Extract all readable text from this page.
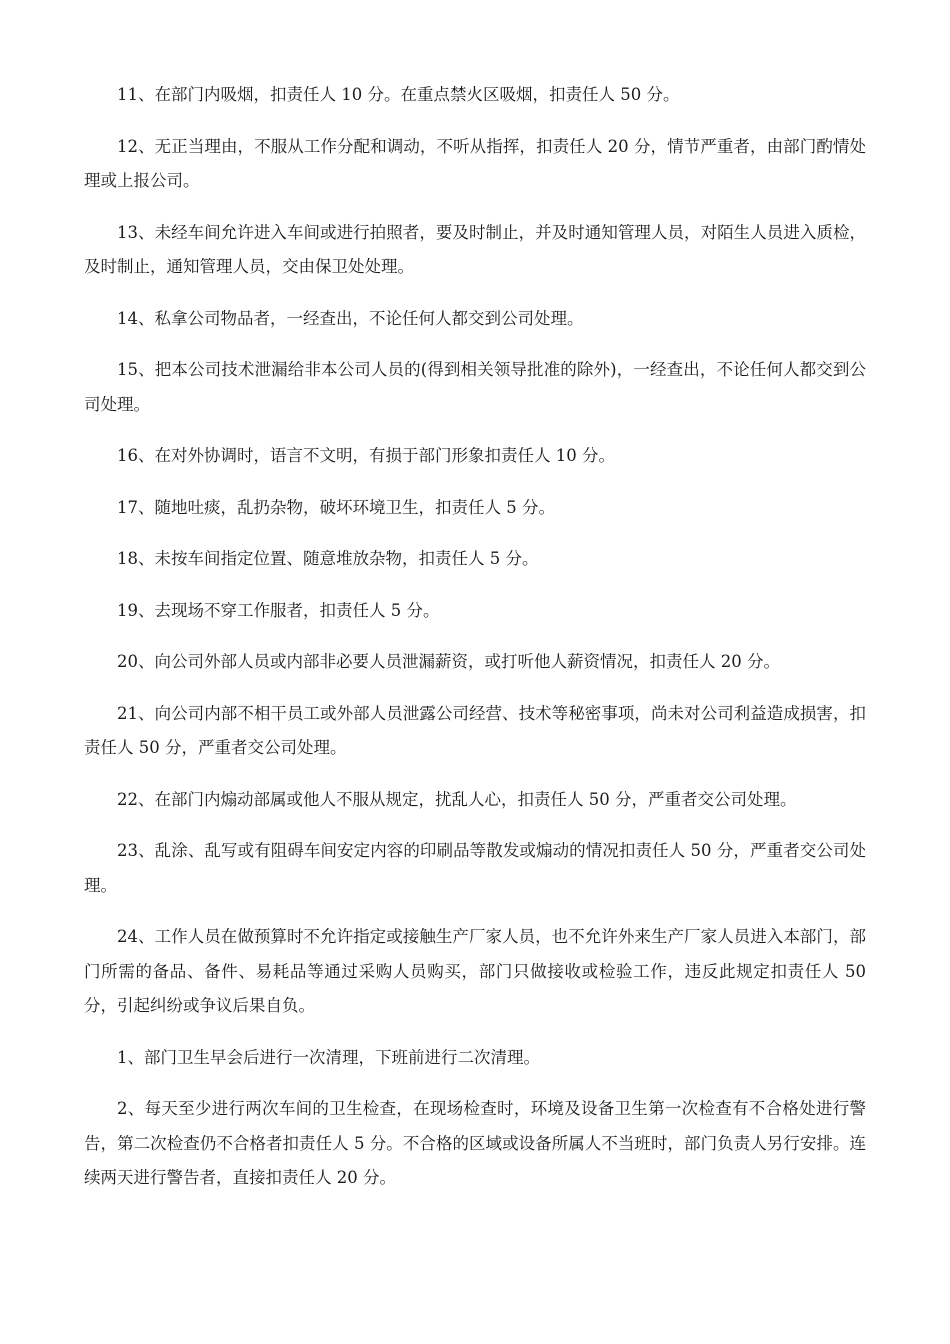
11、在部门内吸烟，扣责任人 10 分。在重点禁火区吸烟，扣责任人 50 分。

12、无正当理由，不服从工作分配和调动，不听从指挥，扣责任人 20 分，情节严重者，由部门酌情处理或上报公司。

13、未经车间允许进入车间或进行拍照者，要及时制止，并及时通知管理人员，对陌生人员进入质检，及时制止，通知管理人员，交由保卫处处理。

14、私拿公司物品者，一经查出，不论任何人都交到公司处理。

15、把本公司技术泄漏给非本公司人员的(得到相关领导批准的除外)，一经查出，不论任何人都交到公司处理。

16、在对外协调时，语言不文明，有损于部门形象扣责任人 10 分。

17、随地吐痰，乱扔杂物，破坏环境卫生，扣责任人 5 分。

18、未按车间指定位置、随意堆放杂物，扣责任人 5 分。

19、去现场不穿工作服者，扣责任人 5 分。

20、向公司外部人员或内部非必要人员泄漏薪资，或打听他人薪资情况，扣责任人 20 分。

21、向公司内部不相干员工或外部人员泄露公司经营、技术等秘密事项，尚未对公司利益造成损害，扣责任人 50 分，严重者交公司处理。

22、在部门内煽动部属或他人不服从规定，扰乱人心，扣责任人 50 分，严重者交公司处理。

23、乱涂、乱写或有阻碍车间安定内容的印刷品等散发或煽动的情况扣责任人 50 分，严重者交公司处理。

24、工作人员在做预算时不允许指定或接触生产厂家人员，也不允许外来生产厂家人员进入本部门，部门所需的备品、备件、易耗品等通过采购人员购买，部门只做接收或检验工作，违反此规定扣责任人 50 分，引起纠纷或争议后果自负。

1、部门卫生早会后进行一次清理，下班前进行二次清理。

2、每天至少进行两次车间的卫生检查，在现场检查时，环境及设备卫生第一次检查有不合格处进行警告，第二次检查仍不合格者扣责任人 5 分。不合格的区域或设备所属人不当班时，部门负责人另行安排。连续两天进行警告者，直接扣责任人 20 分。
